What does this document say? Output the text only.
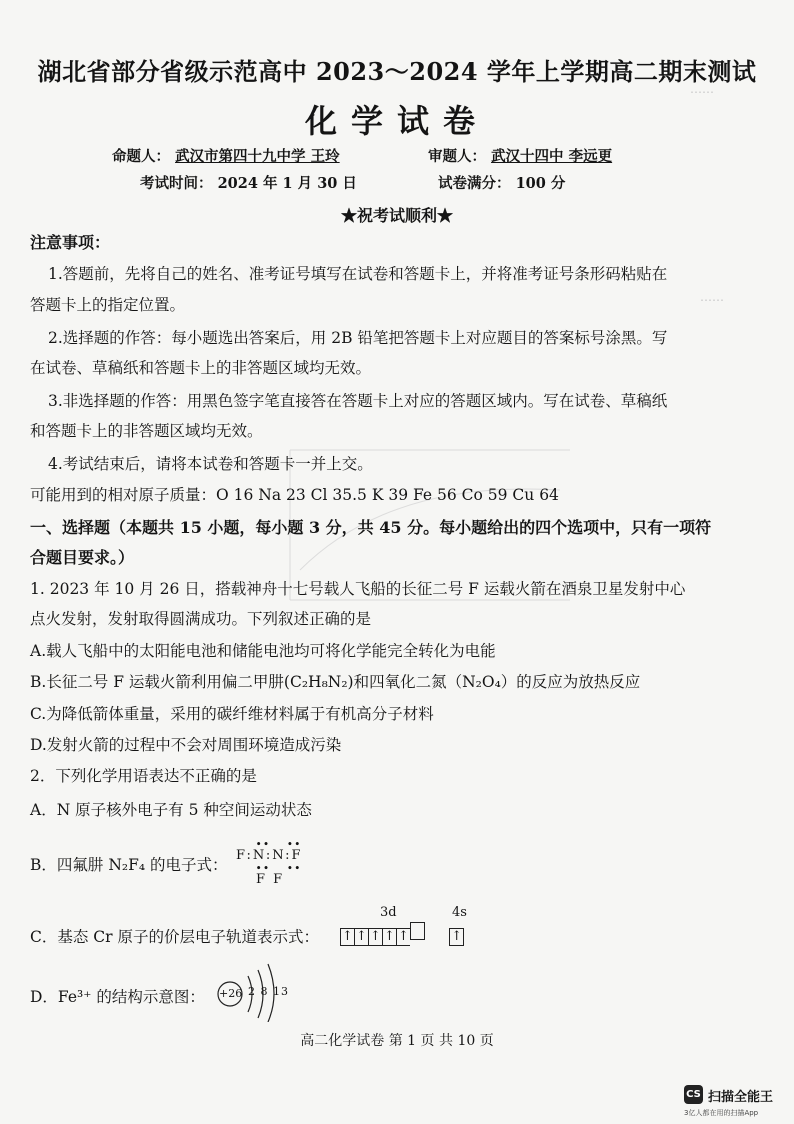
……
……
湖北省部分省级示范高中 2023～2024 学年上学期高二期末测试
化学试卷
命题人： 武汉市第四十九中学 王玲	审题人： 武汉十四中 李远更
考试时间： 2024 年 1 月 30 日	试卷满分： 100 分
★祝考试顺利★
注意事项：
1.答题前，先将自己的姓名、准考证号填写在试卷和答题卡上，并将准考证号条形码粘贴在
答题卡上的指定位置。
2.选择题的作答：每小题选出答案后，用 2B 铅笔把答题卡上对应题目的答案标号涂黑。写
在试卷、草稿纸和答题卡上的非答题区域均无效。
3.非选择题的作答：用黑色签字笔直接答在答题卡上对应的答题区域内。写在试卷、草稿纸
和答题卡上的非答题区域均无效。
4.考试结束后，请将本试卷和答题卡一并上交。
可能用到的相对原子质量：O 16 Na 23 Cl 35.5 K 39 Fe 56 Co 59 Cu 64
一、选择题（本题共 15 小题，每小题 3 分，共 45 分。每小题给出的四个选项中，只有一项符
合题目要求。）
1. 2023 年 10 月 26 日，搭载神舟十七号载人飞船的长征二号 F 运载火箭在酒泉卫星发射中心
点火发射，发射取得圆满成功。下列叙述正确的是
A.载人飞船中的太阳能电池和储能电池均可将化学能完全转化为电能
B.长征二号 F 运载火箭利用偏二甲肼(C₂H₈N₂)和四氧化二氮（N₂O₄）的反应为放热反应
C.为降低箭体重量，采用的碳纤维材料属于有机高分子材料
D.发射火箭的过程中不会对周围环境造成污染
2．下列化学用语表达不正确的是
A．N 原子核外电子有 5 种空间运动状态
B．四氟肼 N₂F₄ 的电子式：
∙∙   ∙∙
F:N:N:F
∙∙   ∙∙
F F
C．基态 Cr 原子的价层电子轨道表示式：
3d	4s
↑ ↑ ↑ ↑ ↑	↑
D．Fe³⁺ 的结构示意图： +26 2 8 13
高二化学试卷 第 1 页 共 10 页
CS 扫描全能王
3亿人都在用的扫描App
